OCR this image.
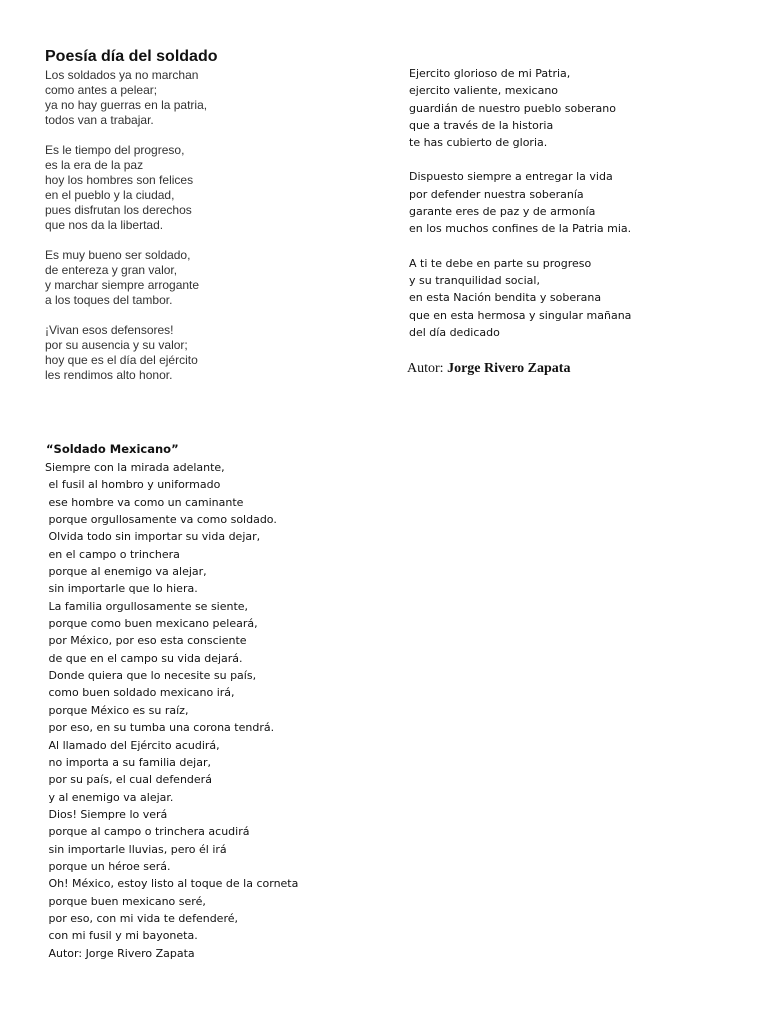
Poesía día del soldado
Los soldados ya no marchan
como antes a pelear;
ya no hay guerras en la patria,
todos van a trabajar.
Es le tiempo del progreso,
es la era de la paz
hoy los hombres son felices
en el pueblo y la ciudad,
pues disfrutan los derechos
que nos da la libertad.
Es muy bueno ser soldado,
de entereza y gran valor,
y marchar siempre arrogante
a los toques del tambor.
¡Vivan esos defensores!
por su ausencia y su valor;
hoy que es el día del ejército
les rendimos alto honor.
Ejercito glorioso de mi Patria,
ejercito valiente, mexicano
guardián de nuestro pueblo soberano
que a través de la historia
te has cubierto de gloria.
Dispuesto siempre a entregar la vida
por defender nuestra soberanía
garante eres de paz y de armonía
en los muchos confines de la Patria mia.
A ti te debe en parte su progreso
y su tranquilidad social,
en esta Nación bendita y soberana
que en esta hermosa y singular mañana
del día dedicado
Autor: Jorge Rivero Zapata
“Soldado Mexicano”
Siempre con la mirada adelante,
el fusil al hombro y uniformado
ese hombre va como un caminante
porque orgullosamente va como soldado.
Olvida todo sin importar su vida dejar,
en el campo o trinchera
porque al enemigo va alejar,
sin importarle que lo hiera.
La familia orgullosamente se siente,
porque como buen mexicano peleará,
por México, por eso esta consciente
de que en el campo su vida dejará.
Donde quiera que lo necesite su país,
como buen soldado mexicano irá,
porque México es su raíz,
por eso, en su tumba una corona tendrá.
Al llamado del Ejército acudirá,
no importa a su familia dejar,
por su país, el cual defenderá
y al enemigo va alejar.
Dios! Siempre lo verá
porque al campo o trinchera acudirá
sin importarle lluvias, pero él irá
porque un héroe será.
Oh! México, estoy listo al toque de la corneta
porque buen mexicano seré,
por eso, con mi vida te defenderé,
con mi fusil y mi bayoneta.
Autor: Jorge Rivero Zapata
